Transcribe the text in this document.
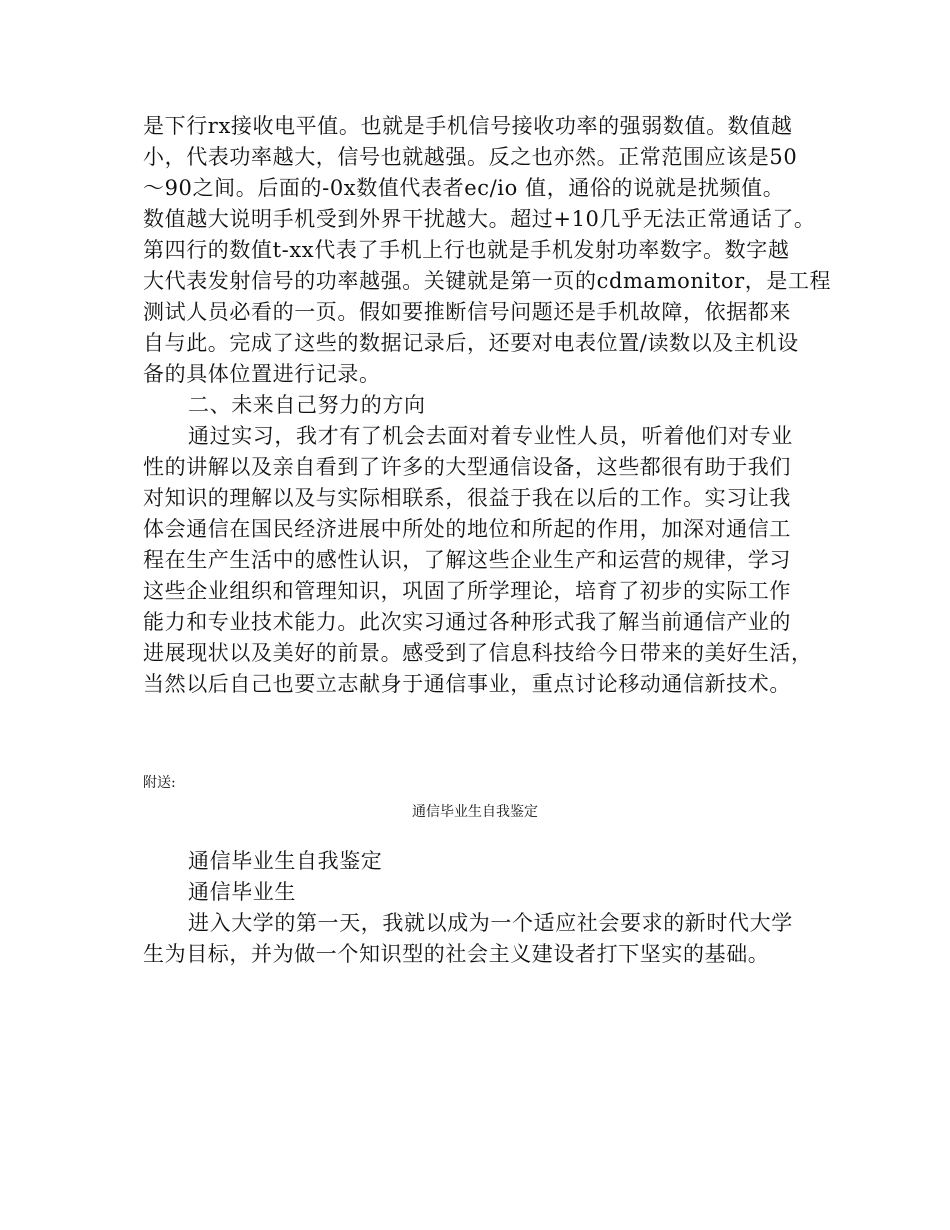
是下行rx接收电平值。也就是手机信号接收功率的强弱数值。数值越
小，代表功率越大，信号也就越强。反之也亦然。正常范围应该是50
～90之间。后面的-0x数值代表者ec/io 值，通俗的说就是扰频值。
数值越大说明手机受到外界干扰越大。超过+10几乎无法正常通话了。
第四行的数值t-xx代表了手机上行也就是手机发射功率数字。数字越
大代表发射信号的功率越强。关键就是第一页的cdmamonitor，是工程
测试人员必看的一页。假如要推断信号问题还是手机故障，依据都来
自与此。完成了这些的数据记录后，还要对电表位置/读数以及主机设
备的具体位置进行记录。
二、未来自己努力的方向
通过实习，我才有了机会去面对着专业性人员，听着他们对专业
性的讲解以及亲自看到了许多的大型通信设备，这些都很有助于我们
对知识的理解以及与实际相联系，很益于我在以后的工作。实习让我
体会通信在国民经济进展中所处的地位和所起的作用，加深对通信工
程在生产生活中的感性认识，了解这些企业生产和运营的规律，学习
这些企业组织和管理知识，巩固了所学理论，培育了初步的实际工作
能力和专业技术能力。此次实习通过各种形式我了解当前通信产业的
进展现状以及美好的前景。感受到了信息科技给今日带来的美好生活，
当然以后自己也要立志献身于通信事业，重点讨论移动通信新技术。
附送:
通信毕业生自我鉴定
通信毕业生自我鉴定
通信毕业生
进入大学的第一天，我就以成为一个适应社会要求的新时代大学
生为目标，并为做一个知识型的社会主义建设者打下坚实的基础。
